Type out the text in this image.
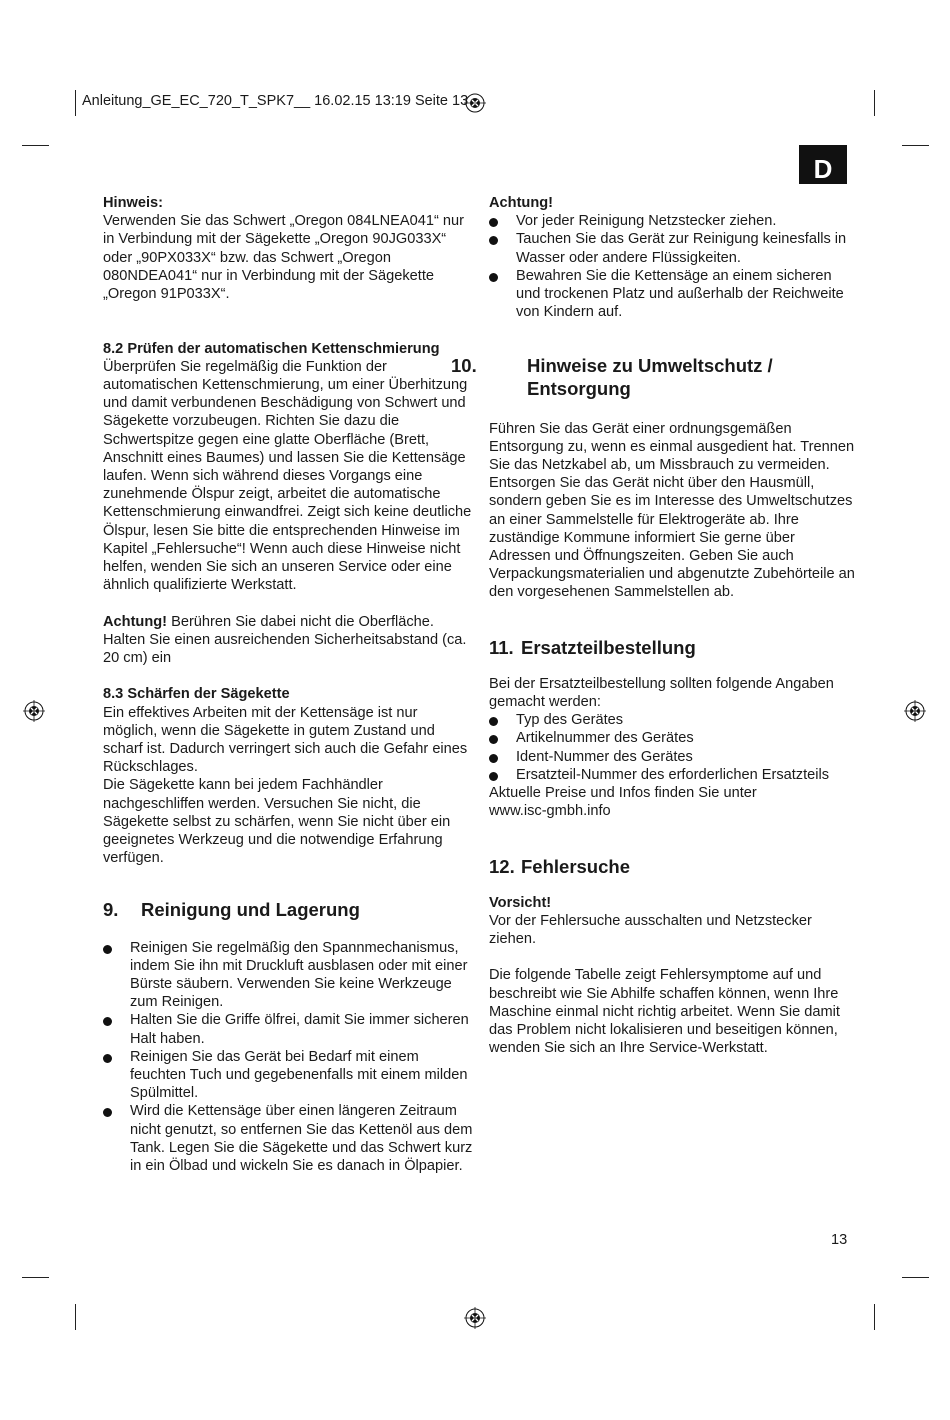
Anleitung_GE_EC_720_T_SPK7__ 16.02.15 13:19 Seite 13
D

Hinweis:

Verwenden Sie das Schwert „Oregon 084LNEA041“ nur in Verbindung mit der Sägekette „Oregon 90JG033X“ oder „90PX033X“ bzw. das Schwert „Oregon 080NDEA041“ nur in Verbindung mit der Sägekette „Oregon 91P033X“.

8.2 Prüfen der automatischen Kettenschmierung

Überprüfen Sie regelmäßig die Funktion der automatischen Kettenschmierung, um einer Überhitzung und damit verbundenen Beschädigung von Schwert und Sägekette vorzubeugen. Richten Sie dazu die Schwertspitze gegen eine glatte Oberfläche (Brett, Anschnitt eines Baumes) und lassen Sie die Kettensäge laufen. Wenn sich während dieses Vorgangs eine zunehmende Ölspur zeigt, arbeitet die automatische Kettenschmierung einwandfrei. Zeigt sich keine deutliche Ölspur, lesen Sie bitte die entsprechenden Hinweise im Kapitel „Fehlersuche“! Wenn auch diese Hinweise nicht helfen, wenden Sie sich an unseren Service oder eine ähnlich qualifizierte Werkstatt.

Achtung! Berühren Sie dabei nicht die Oberfläche. Halten Sie einen ausreichenden Sicherheitsabstand (ca. 20 cm) ein

8.3 Schärfen der Sägekette

Ein effektives Arbeiten mit der Kettensäge ist nur möglich, wenn die Sägekette in gutem Zustand und scharf ist. Dadurch verringert sich auch die Gefahr eines Rückschlages.

Die Sägekette kann bei jedem Fachhändler nachgeschliffen werden. Versuchen Sie nicht, die Sägekette selbst zu schärfen, wenn Sie nicht über ein geeignetes Werkzeug und die notwendige Erfahrung verfügen.

9. Reinigung und Lagerung

Reinigen Sie regelmäßig den Spannmechanismus, indem Sie ihn mit Druckluft ausblasen oder mit einer Bürste säubern. Verwenden Sie keine Werkzeuge zum Reinigen.
Halten Sie die Griffe ölfrei, damit Sie immer sicheren Halt haben.
Reinigen Sie das Gerät bei Bedarf mit einem feuchten Tuch und gegebenenfalls mit einem milden Spülmittel.
Wird die Kettensäge über einen längeren Zeitraum nicht genutzt, so entfernen Sie das Kettenöl aus dem Tank. Legen Sie die Sägekette und das Schwert kurz in ein Ölbad und wickeln Sie es danach in Ölpapier.

Achtung!

Vor jeder Reinigung Netzstecker ziehen.
Tauchen Sie das Gerät zur Reinigung keinesfalls in Wasser oder andere Flüssigkeiten.
Bewahren Sie die Kettensäge an einem sicheren und trockenen Platz und außerhalb der Reichweite von Kindern auf.

10.	Hinweise zu Umweltschutz / Entsorgung

Führen Sie das Gerät einer ordnungsgemäßen Entsorgung zu, wenn es einmal ausgedient hat. Trennen Sie das Netzkabel ab, um Missbrauch zu vermeiden. Entsorgen Sie das Gerät nicht über den Hausmüll, sondern geben Sie es im Interesse des Umweltschutzes an einer Sammelstelle für Elektrogeräte ab. Ihre zuständige Kommune informiert Sie gerne über Adressen und Öffnungszeiten. Geben Sie auch Verpackungsmaterialien und abgenutzte Zubehörteile an den vorgesehenen Sammelstellen ab.

11. Ersatzteilbestellung

Bei der Ersatzteilbestellung sollten folgende Angaben gemacht werden:

Typ des Gerätes
Artikelnummer des Gerätes
Ident-Nummer des Gerätes
Ersatzteil-Nummer des erforderlichen Ersatzteils

Aktuelle Preise und Infos finden Sie unter

www.isc-gmbh.info

12. Fehlersuche

Vorsicht!

Vor der Fehlersuche ausschalten und Netzstecker ziehen.

Die folgende Tabelle zeigt Fehlersymptome auf und beschreibt wie Sie Abhilfe schaffen können, wenn Ihre Maschine einmal nicht richtig arbeitet. Wenn Sie damit das Problem nicht lokalisieren und beseitigen können, wenden Sie sich an Ihre Service-Werkstatt.

13
